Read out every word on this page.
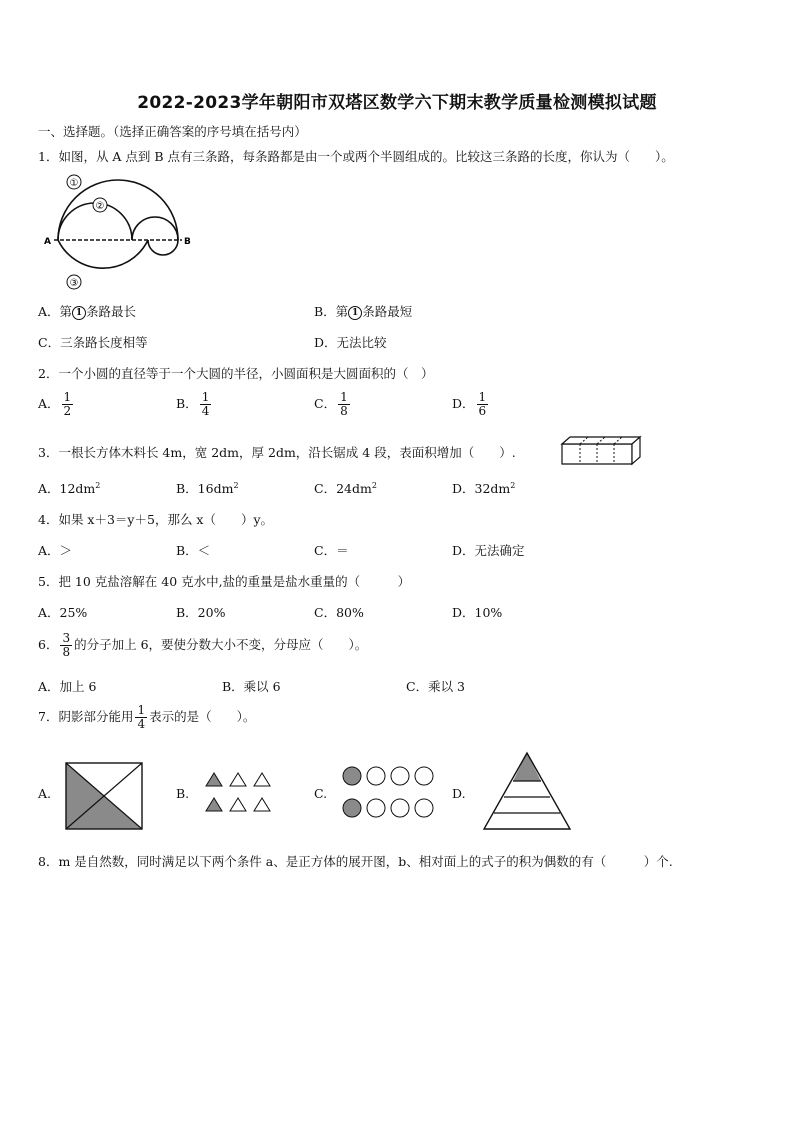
2022-2023学年朝阳市双塔区数学六下期末教学质量检测模拟试题
一、选择题。（选择正确答案的序号填在括号内）
1．如图，从 A 点到 B 点有三条路，每条路都是由一个或两个半圆组成的。比较这三条路的长度，你认为（　　）。
①
②
③
A	B
A．第 1 条路最长	B．第 1 条路最短
C．三条路长度相等	D．无法比较
2．一个小圆的直径等于一个大圆的半径，小圆面积是大圆面积的（　）
A． $\frac{1}{2}$	B． $\frac{1}{4}$	C． $\frac{1}{8}$	D． $\frac{1}{6}$
3．一根长方体木料长 4m，宽 2dm，厚 2dm，沿长锯成 4 段，表面积增加（　　）.
A．$12dm^2$	B．$16dm^2$	C．$24dm^2$	D．$32dm^2$
4．如果 x＋3＝y＋5，那么 x（　　）y。
A．＞	B．＜	C．＝	D．无法确定
5．把 10 克盐溶解在 40 克水中,盐的重量是盐水重量的（　　　）
A．25%	B．20%	C．80%	D．10%
6． $\frac{3}{8}$ 的分子加上 6，要使分数大小不变，分母应（　　）。
A．加上 6	B．乘以 6	C．乘以 3
7．阴影部分能用 $\frac{1}{4}$ 表示的是（　　）。
A.	B.	C.	D.
8．m 是自然数，同时满足以下两个条件 a、是正方体的展开图，b、相对面上的式子的积为偶数的有（　　　）个.
